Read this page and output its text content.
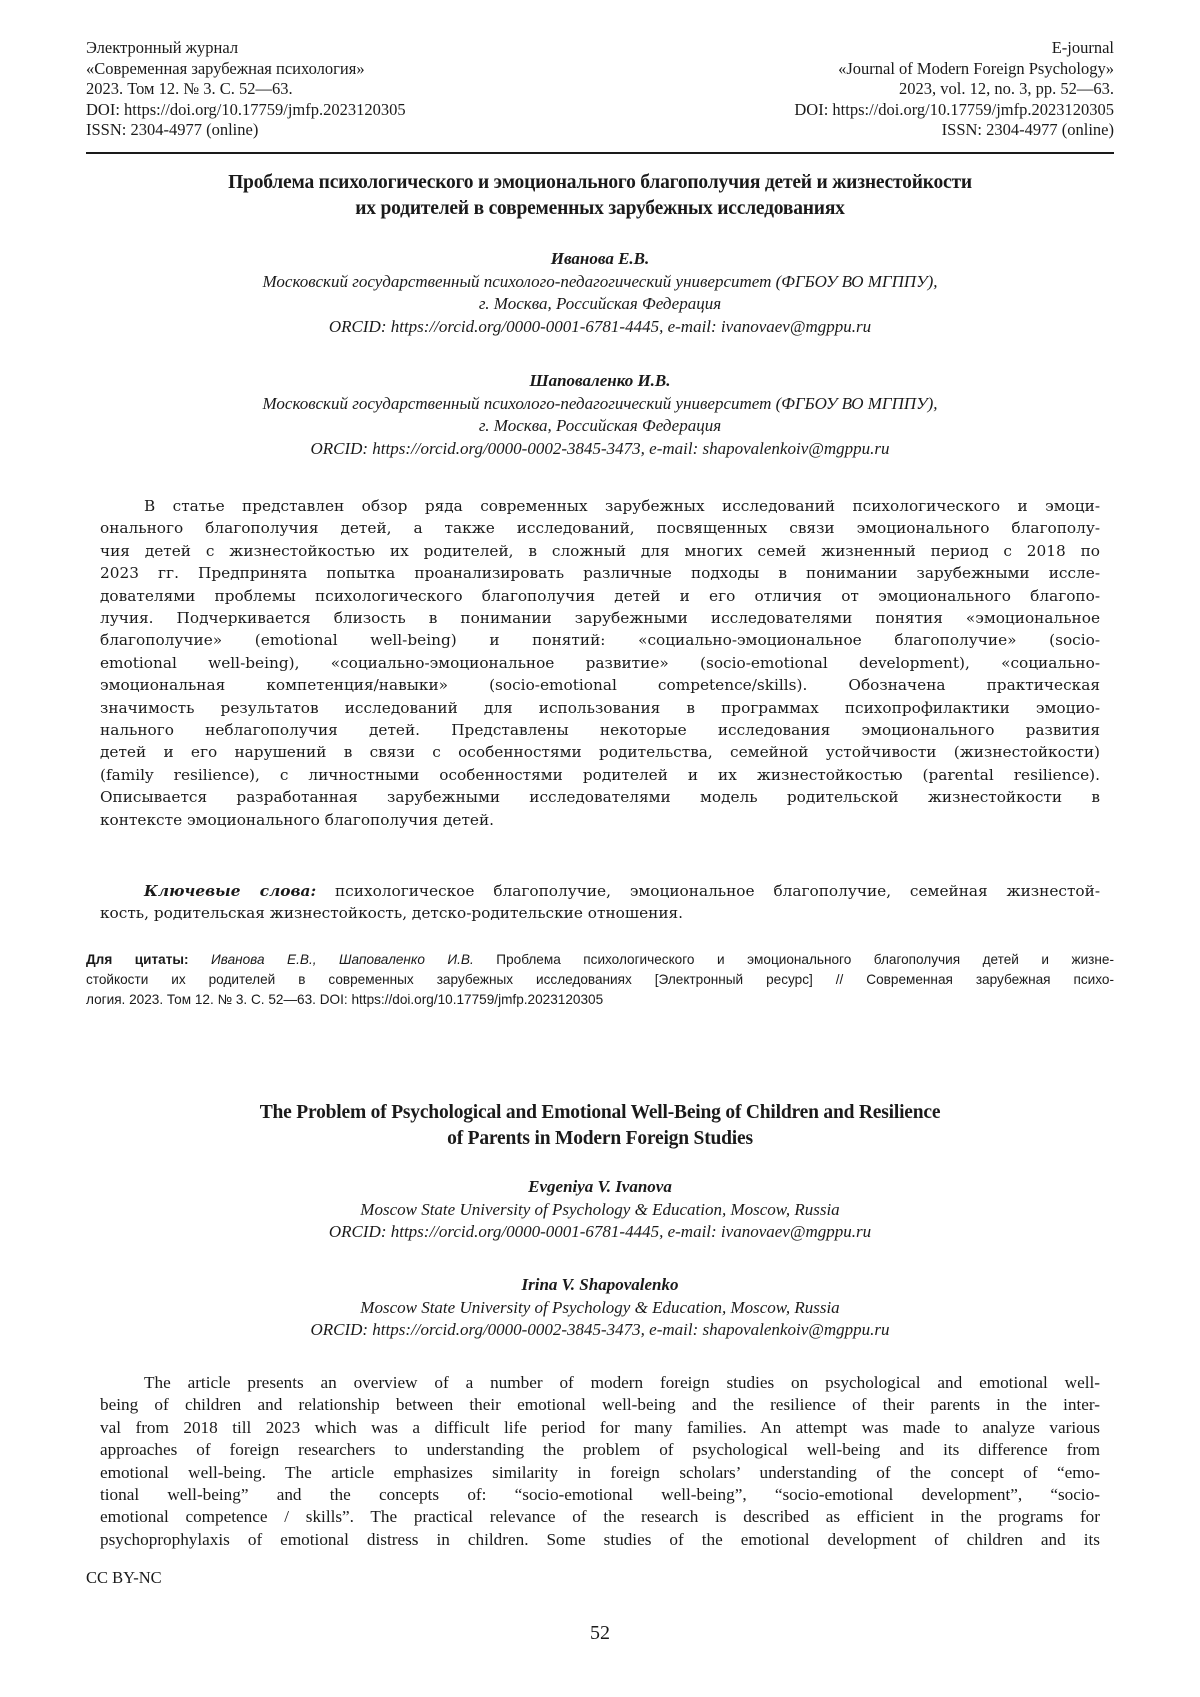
Электронный журнал
«Современная зарубежная психология»
2023. Том 12. № 3. С. 52—63.
DOI: https://doi.org/10.17759/jmfp.2023120305
ISSN: 2304-4977 (online)
E-journal
«Journal of Modern Foreign Psychology»
2023, vol. 12, no. 3, pp. 52—63.
DOI: https://doi.org/10.17759/jmfp.2023120305
ISSN: 2304-4977 (online)
Проблема психологического и эмоционального благополучия детей и жизнестойкости
их родителей в современных зарубежных исследованиях
Иванова Е.В.
Московский государственный психолого-педагогический университет (ФГБОУ ВО МГППУ),
г. Москва, Российская Федерация
ORCID: https://orcid.org/0000-0001-6781-4445, e-mail: ivanovaev@mgppu.ru
Шаповаленко И.В.
Московский государственный психолого-педагогический университет (ФГБОУ ВО МГППУ),
г. Москва, Российская Федерация
ORCID: https://orcid.org/0000-0002-3845-3473, e-mail: shapovalenkoiv@mgppu.ru
В статье представлен обзор ряда современных зарубежных исследований психологического и эмоци-
онального благополучия детей, а также исследований, посвященных связи эмоционального благополу-
чия детей с жизнестойкостью их родителей, в сложный для многих семей жизненный период с 2018 по
2023 гг. Предпринята попытка проанализировать различные подходы в понимании зарубежными иссле-
дователями проблемы психологического благополучия детей и его отличия от эмоционального благопо-
лучия. Подчеркивается близость в понимании зарубежными исследователями понятия «эмоциональное
благополучие» (emotional well-being) и понятий: «социально-эмоциональное благополучие» (socio-
emotional well-being), «социально-эмоциональное развитие» (socio-emotional development), «социально-
эмоциональная компетенция/навыки» (socio-emotional competence/skills). Обозначена практическая
значимость результатов исследований для использования в программах психопрофилактики эмоцио-
нального неблагополучия детей. Представлены некоторые исследования эмоционального развития
детей и его нарушений в связи с особенностями родительства, семейной устойчивости (жизнестойкости)
(family resilience), с личностными особенностями родителей и их жизнестойкостью (parental resilience).
Описывается разработанная зарубежными исследователями модель родительской жизнестойкости в
контексте эмоционального благополучия детей.
Ключевые слова: психологическое благополучие, эмоциональное благополучие, семейная жизнестой-
кость, родительская жизнестойкость, детско-родительские отношения.
Для цитаты: Иванова Е.В., Шаповаленко И.В. Проблема психологического и эмоционального благополучия детей и жизне-
стойкости их родителей в современных зарубежных исследованиях [Электронный ресурс] // Современная зарубежная психо-
логия. 2023. Том 12. № 3. С. 52—63. DOI: https://doi.org/10.17759/jmfp.2023120305
The Problem of Psychological and Emotional Well-Being of Children and Resilience
of Parents in Modern Foreign Studies
Evgeniya V. Ivanova
Moscow State University of Psychology & Education, Moscow, Russia
ORCID: https://orcid.org/0000-0001-6781-4445, e-mail: ivanovaev@mgppu.ru
Irina V. Shapovalenko
Moscow State University of Psychology & Education, Moscow, Russia
ORCID: https://orcid.org/0000-0002-3845-3473, e-mail: shapovalenkoiv@mgppu.ru
The article presents an overview of a number of modern foreign studies on psychological and emotional well-
being of children and relationship between their emotional well-being and the resilience of their parents in the inter-
val from 2018 till 2023 which was a difficult life period for many families. An attempt was made to analyze various
approaches of foreign researchers to understanding the problem of psychological well-being and its difference from
emotional well-being. The article emphasizes similarity in foreign scholars’ understanding of the concept of “emo-
tional well-being” and the concepts of: “socio-emotional well-being”, “socio-emotional development”, “socio-
emotional competence / skills”. The practical relevance of the research is described as efficient in the programs for
psychoprophylaxis of emotional distress in children. Some studies of the emotional development of children and its
CC BY-NC
52
